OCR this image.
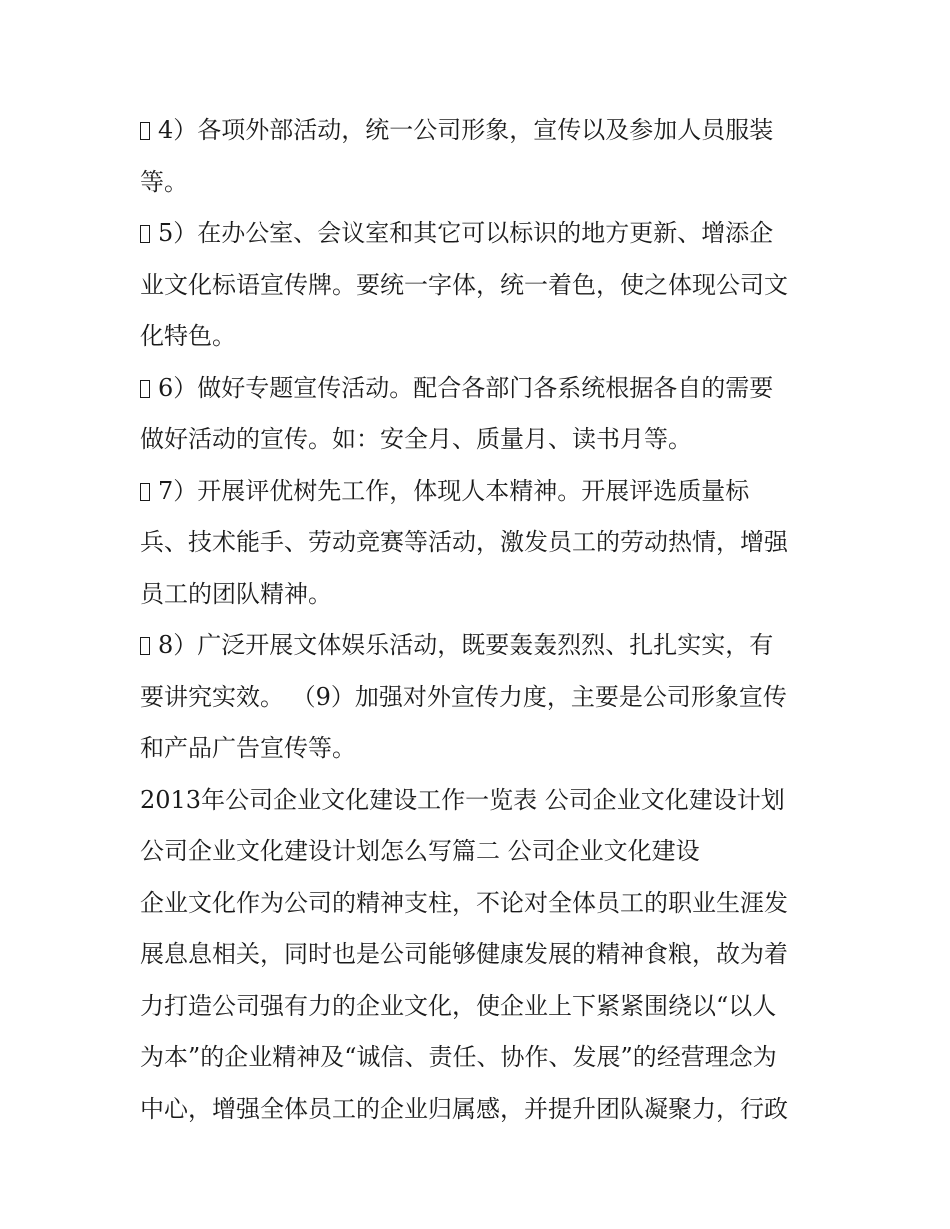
4）各项外部活动，统一公司形象，宣传以及参加人员服装
等。
5）在办公室、会议室和其它可以标识的地方更新、增添企
业文化标语宣传牌。要统一字体，统一着色，使之体现公司文
化特色。
6）做好专题宣传活动。配合各部门各系统根据各自的需要
做好活动的宣传。如：安全月、质量月、读书月等。
7）开展评优树先工作，体现人本精神。开展评选质量标
兵、技术能手、劳动竞赛等活动，激发员工的劳动热情，增强
员工的团队精神。
8）广泛开展文体娱乐活动，既要轰轰烈烈、扎扎实实，有
要讲究实效。 （9）加强对外宣传力度，主要是公司形象宣传
和产品广告宣传等。
2013年公司企业文化建设工作一览表 公司企业文化建设计划
公司企业文化建设计划怎么写篇二 公司企业文化建设
企业文化作为公司的精神支柱，不论对全体员工的职业生涯发
展息息相关，同时也是公司能够健康发展的精神食粮，故为着
力打造公司强有力的企业文化，使企业上下紧紧围绕以“以人
为本”的企业精神及“诚信、责任、协作、发展”的经营理念为
中心，增强全体员工的企业归属感，并提升团队凝聚力，行政
